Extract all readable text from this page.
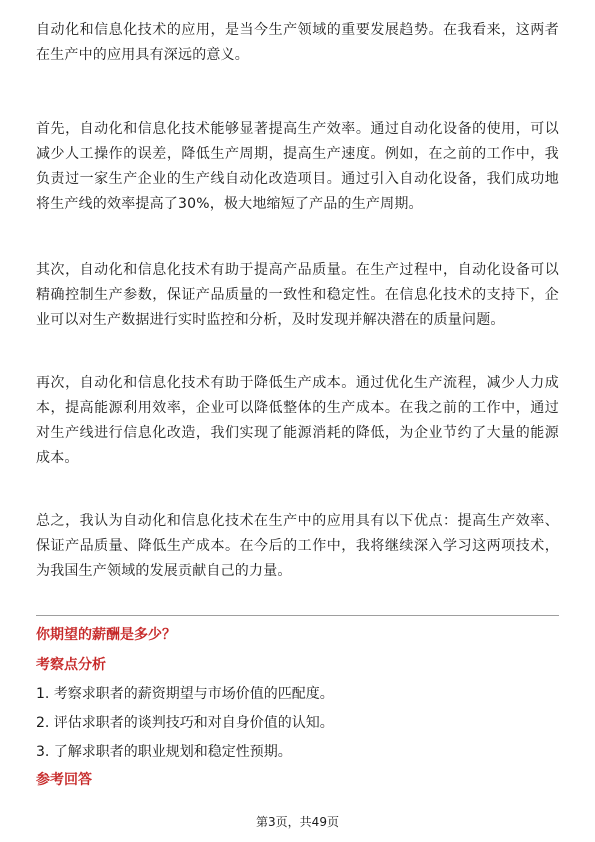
自动化和信息化技术的应用，是当今生产领域的重要发展趋势。在我看来，这两者在生产中的应用具有深远的意义。

首先，自动化和信息化技术能够显著提高生产效率。通过自动化设备的使用，可以减少人工操作的误差，降低生产周期，提高生产速度。例如，在之前的工作中，我负责过一家生产企业的生产线自动化改造项目。通过引入自动化设备，我们成功地将生产线的效率提高了30%，极大地缩短了产品的生产周期。

其次，自动化和信息化技术有助于提高产品质量。在生产过程中，自动化设备可以精确控制生产参数，保证产品质量的一致性和稳定性。在信息化技术的支持下，企业可以对生产数据进行实时监控和分析，及时发现并解决潜在的质量问题。

再次，自动化和信息化技术有助于降低生产成本。通过优化生产流程，减少人力成本，提高能源利用效率，企业可以降低整体的生产成本。在我之前的工作中，通过对生产线进行信息化改造，我们实现了能源消耗的降低，为企业节约了大量的能源成本。

总之，我认为自动化和信息化技术在生产中的应用具有以下优点：提高生产效率、保证产品质量、降低生产成本。在今后的工作中，我将继续深入学习这两项技术，为我国生产领域的发展贡献自己的力量。

你期望的薪酬是多少？
考察点分析
1. 考察求职者的薪资期望与市场价值的匹配度。
2. 评估求职者的谈判技巧和对自身价值的认知。
3. 了解求职者的职业规划和稳定性预期。
参考回答
第3页，共49页
